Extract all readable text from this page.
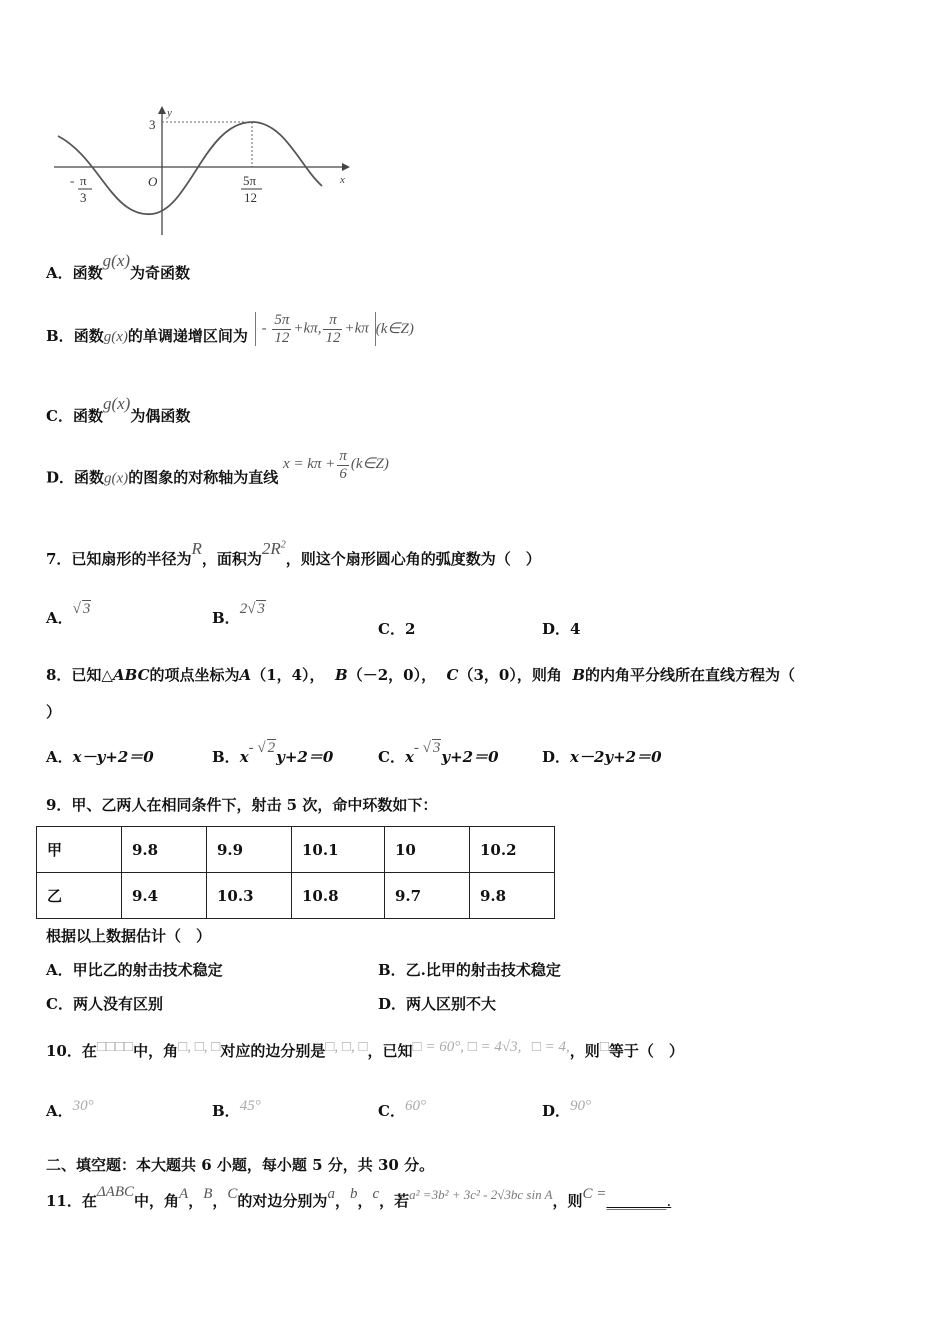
y
x
3
O
- π
3
5π
12
A．函数g(x)为奇函数
B．函数g(x)的单调递增区间为 - $\frac{5\pi}{12} +k\pi$, $\frac{\pi}{12} +k\pi$ (k∈Z)
C．函数g(x)为偶函数
D．函数g(x)的图象的对称轴为直线 $x = k\pi + \frac{\pi}{6}$ (k∈Z)
7．已知扇形的半径为R，面积为$2R^2$，则这个扇形圆心角的弧度数为（　）
A．√ 3	B．2√ 3
C．2	D．4
8．已知△ABC的项点坐标为A（1，4）， B（－2，0）， C（3，0），则角 B的内角平分线所在直线方程为（
）
A．x－y+2＝0	B．x- √ 2y+2＝0	C．x- √ 3y+2＝0	D．x－2y+2＝0
9．甲、乙两人在相同条件下，射击 5 次，命中环数如下：
甲	9.8	9.9	10.1	10	10.2
乙	9.4	10.3	10.8	9.7	9.8
根据以上数据估计（　）
A．甲比乙的射击技术稳定	B．乙.比甲的射击技术稳定
C．两人没有区别	D．两人区别不大
10．在□□□□中，角□, □, □对应的边分别是□, □, □，已知□ = 60°, □ = 4√3, □ = 4,，则□等于（　）
A．30°	B．45°	C．60°	D．90°
二、填空题：本大题共 6 小题，每小题 5 分，共 30 分。
11．在ΔABC中，角A，B，C的对边分别为a，b，c，若a² =3b² + 3c² - 2√3bc sin A，则C =________.
